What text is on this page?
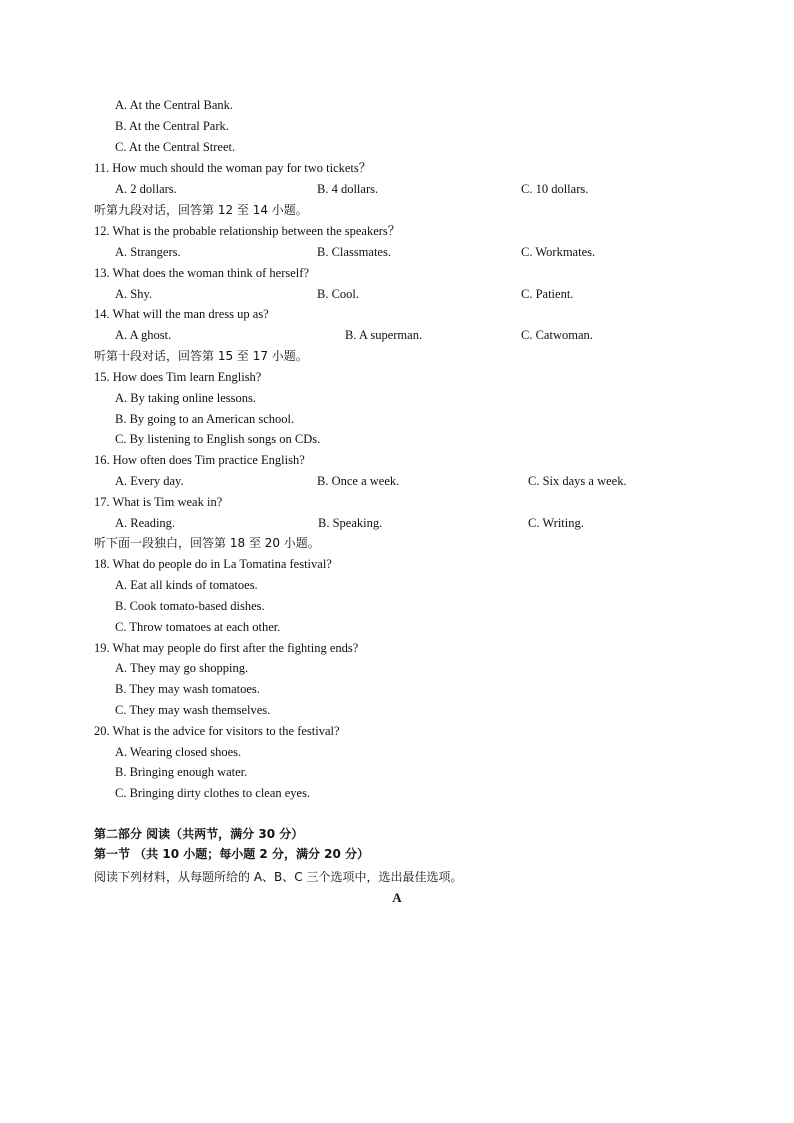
A. At the Central Bank.
B. At the Central Park.
C. At the Central Street.
11. How much should the woman pay for two tickets？
A. 2 dollars.	B. 4 dollars.	C. 10 dollars.
听第九段对话，回答第 12 至 14 小题。
12. What is the probable relationship between the speakers？
A. Strangers.	B. Classmates.	C. Workmates.
13. What does the woman think of herself?
A. Shy.	B. Cool.	C. Patient.
14. What will the man dress up as?
A. A ghost.	B. A superman.	C. Catwoman.
听第十段对话，回答第 15 至 17 小题。
15. How does Tim learn English?
A. By taking online lessons.
B. By going to an American school.
C. By listening to English songs on CDs.
16. How often does Tim practice English?
A. Every day.	B. Once a week.	C. Six days a week.
17. What is Tim weak in?
A. Reading.	B. Speaking.	C. Writing.
听下面一段独白，回答第 18 至 20 小题。
18. What do people do in La Tomatina festival?
A. Eat all kinds of tomatoes.
B. Cook tomato-based dishes.
C. Throw tomatoes at each other.
19. What may people do first after the fighting ends?
A. They may go shopping.
B. They may wash tomatoes.
C. They may wash themselves.
20. What is the advice for visitors to the festival?
A. Wearing closed shoes.
B. Bringing enough water.
C. Bringing dirty clothes to clean eyes.
第二部分 阅读（共两节，满分 30 分）
第一节 （共 10 小题；每小题 2 分，满分 20 分）
阅读下列材料，从每题所给的 A、B、C 三个选项中，选出最佳选项。
A
